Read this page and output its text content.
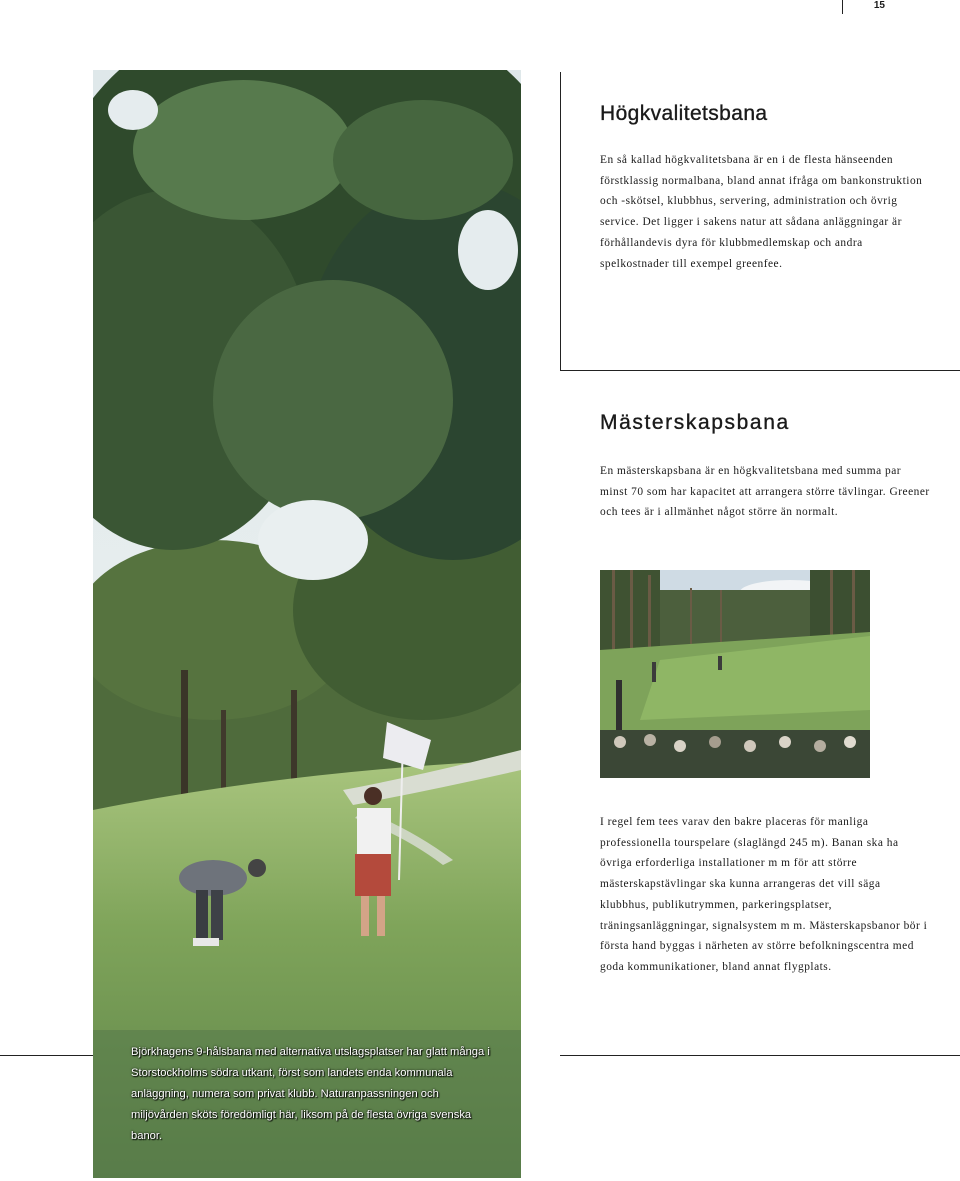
15

Björkhagens 9-hålsbana med alternativa utslagsplatser har glatt många i Storstockholms södra utkant, först som landets enda kommunala anläggning, numera som privat klubb. Naturanpassningen och miljövården sköts föredömligt här, liksom på de flesta övriga svenska banor.

Högkvalitetsbana

En så kallad högkvalitetsbana är en i de flesta hänseenden förstklassig normalbana, bland annat ifråga om bankonstruktion och -skötsel, klubbhus, servering, administration och övrig service. Det ligger i sakens natur att sådana anläggningar är förhållandevis dyra för klubbmedlemskap och andra spelkostnader till exempel greenfee.

Mästerskapsbana

En mästerskapsbana är en högkvalitetsbana med summa par minst 70 som har kapacitet att arrangera större tävlingar. Greener och tees är i allmänhet något större än normalt.

I regel fem tees varav den bakre placeras för manliga professionella tourspelare (slaglängd 245 m). Banan ska ha övriga erforderliga installationer m m för att större mästerskapstävlingar ska kunna arrangeras det vill säga klubbhus, publikutrymmen, parkeringsplatser, träningsanläggningar, signalsystem m m. Mästerskapsbanor bör i första hand byggas i närheten av större befolkningscentra med goda kommunikationer, bland annat flygplats.
